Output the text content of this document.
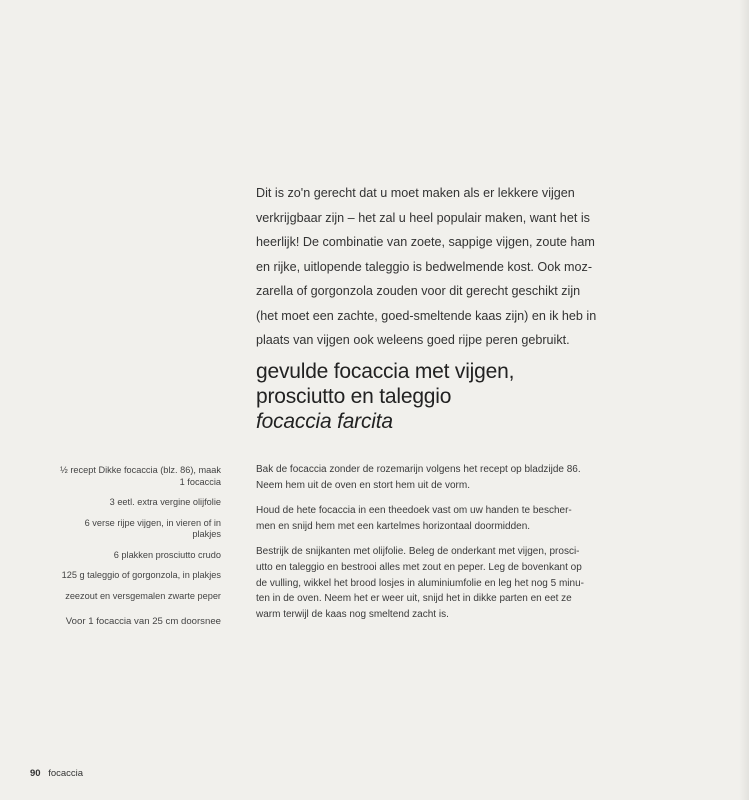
Dit is zo'n gerecht dat u moet maken als er lekkere vijgen
verkrijgbaar zijn – het zal u heel populair maken, want het is
heerlijk! De combinatie van zoete, sappige vijgen, zoute ham
en rijke, uitlopende taleggio is bedwelmende kost. Ook moz-
zarella of gorgonzola zouden voor dit gerecht geschikt zijn
(het moet een zachte, goed-smeltende kaas zijn) en ik heb in
plaats van vijgen ook weleens goed rijpe peren gebruikt.
gevulde focaccia met vijgen,
prosciutto en taleggio
focaccia farcita
½ recept Dikke focaccia (blz. 86), maak
1 focaccia
3 eetl. extra vergine olijfolie
6 verse rijpe vijgen, in vieren of in
plakjes
6 plakken prosciutto crudo
125 g taleggio of gorgonzola, in plakjes
zeezout en versgemalen zwarte peper
Voor 1 focaccia van 25 cm doorsnee
Bak de focaccia zonder de rozemarijn volgens het recept op bladzijde 86.
Neem hem uit de oven en stort hem uit de vorm.
Houd de hete focaccia in een theedoek vast om uw handen te bescher-
men en snijd hem met een kartelmes horizontaal doormidden.
Bestrijk de snijkanten met olijfolie. Beleg de onderkant met vijgen, prosci-
utto en taleggio en bestrooi alles met zout en peper. Leg de bovenkant op
de vulling, wikkel het brood losjes in aluminiumfolie en leg het nog 5 minu-
ten in de oven. Neem het er weer uit, snijd het in dikke parten en eet ze
warm terwijl de kaas nog smeltend zacht is.
90 focaccia
